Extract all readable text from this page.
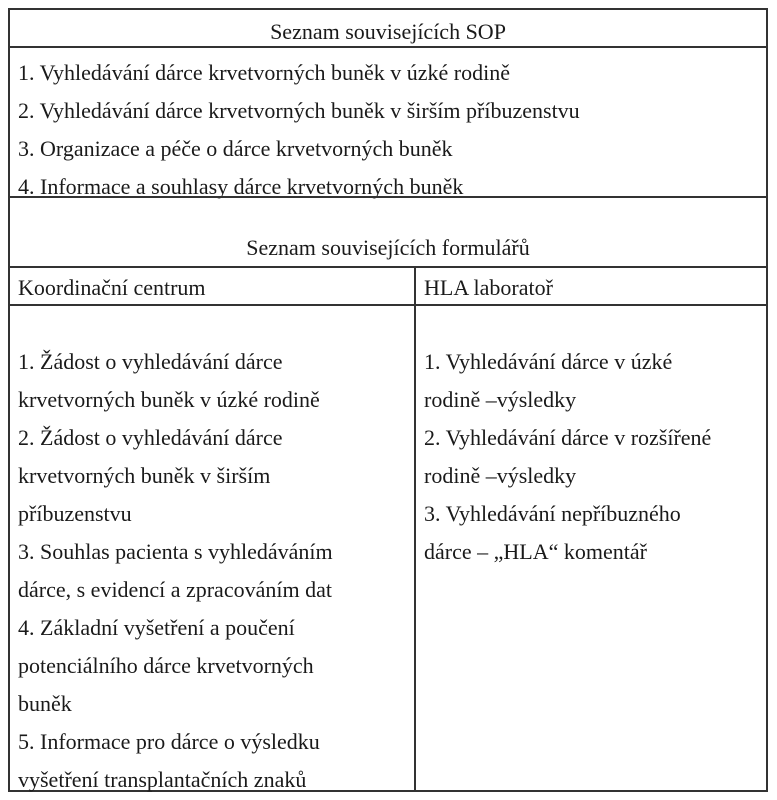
Seznam souvisejících SOP
1. Vyhledávání dárce krvetvorných buněk v úzké rodině
2. Vyhledávání dárce krvetvorných buněk v širším příbuzenstvu
3. Organizace a péče o dárce krvetvorných buněk
4. Informace a souhlasy dárce krvetvorných buněk
Seznam souvisejících formulářů
Koordinační centrum	HLA laboratoř
1. Žádost o vyhledávání dárce
krvetvorných buněk v úzké rodině
2. Žádost o vyhledávání dárce
krvetvorných buněk v širším
příbuzenstvu
3. Souhlas pacienta s vyhledáváním
dárce, s evidencí a zpracováním dat
4. Základní vyšetření a poučení
potenciálního dárce krvetvorných
buněk
5. Informace pro dárce o výsledku
vyšetření transplantačních znaků
1. Vyhledávání dárce v úzké
rodině –výsledky
2. Vyhledávání dárce v rozšířené
rodině –výsledky
3. Vyhledávání nepříbuzného
dárce – „HLA“ komentář
